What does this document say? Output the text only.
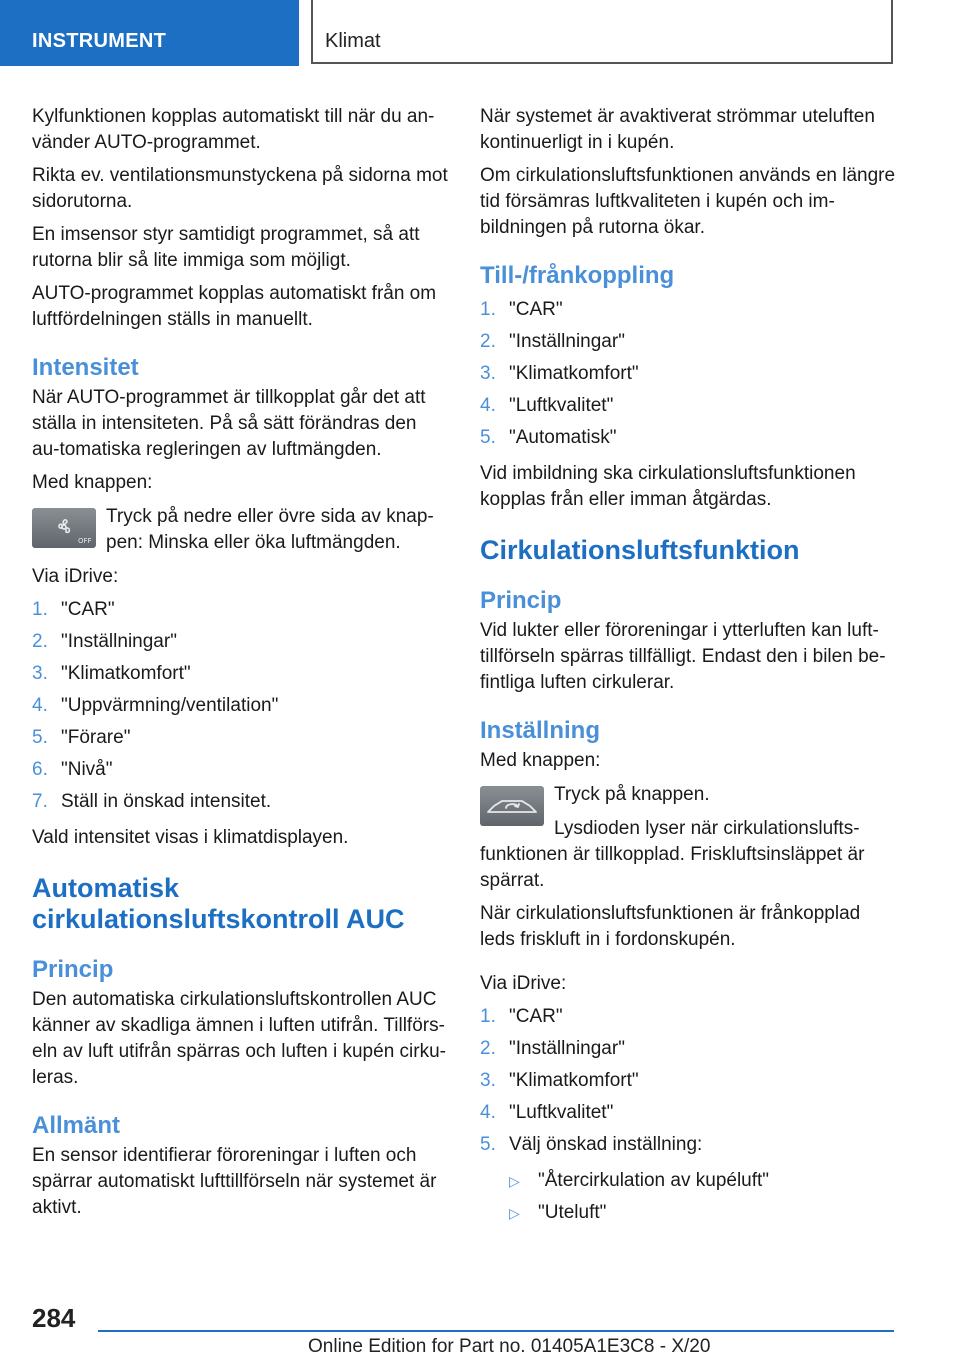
INSTRUMENT	Klimat

Kylfunktionen kopplas automatiskt till när du an-vänder AUTO-programmet.

Rikta ev. ventilationsmunstyckena på sidorna mot sidorutorna.

En imsensor styr samtidigt programmet, så att rutorna blir så lite immiga som möjligt.

AUTO-programmet kopplas automatiskt från om luftfördelningen ställs in manuellt.

Intensitet

När AUTO-programmet är tillkopplat går det att ställa in intensiteten. På så sätt förändras den au-tomatiska regleringen av luftmängden.

Med knappen:

OFF
Tryck på nedre eller övre sida av knap-pen: Minska eller öka luftmängden.

Via iDrive:

1. "CAR"
2. "Inställningar"
3. "Klimatkomfort"
4. "Uppvärmning/ventilation"
5. "Förare"
6. "Nivå"
7. Ställ in önskad intensitet.

Vald intensitet visas i klimatdisplayen.

Automatisk cirkulationsluftskontroll AUC
Princip

Den automatiska cirkulationsluftskontrollen AUC känner av skadliga ämnen i luften utifrån. Tillförs-eln av luft utifrån spärras och luften i kupén cirku-leras.

Allmänt

En sensor identifierar föroreningar i luften och spärrar automatiskt lufttillförseln när systemet är aktivt.

När systemet är avaktiverat strömmar uteluften kontinuerligt in i kupén.

Om cirkulationsluftsfunktionen används en längre tid försämras luftkvaliteten i kupén och im-bildningen på rutorna ökar.

Till-/frånkoppling
1. "CAR"
2. "Inställningar"
3. "Klimatkomfort"
4. "Luftkvalitet"
5. "Automatisk"

Vid imbildning ska cirkulationsluftsfunktionen kopplas från eller imman åtgärdas.

Cirkulationsluftsfunktion
Princip

Vid lukter eller föroreningar i ytterluften kan luft-tillförseln spärras tillfälligt. Endast den i bilen be-fintliga luften cirkulerar.

Inställning

Med knappen:

Tryck på knappen.

Lysdioden lyser när cirkulationslufts-funktionen är tillkopplad. Friskluftsinsläppet är spärrat.

När cirkulationsluftsfunktionen är frånkopplad leds friskluft in i fordonskupén.

Via iDrive:

1. "CAR"
2. "Inställningar"
3. "Klimatkomfort"
4. "Luftkvalitet"
5. Välj önskad inställning:
▷ "Återcirkulation av kupéluft"
▷ "Uteluft"
284
Online Edition for Part no. 01405A1E3C8 - X/20
